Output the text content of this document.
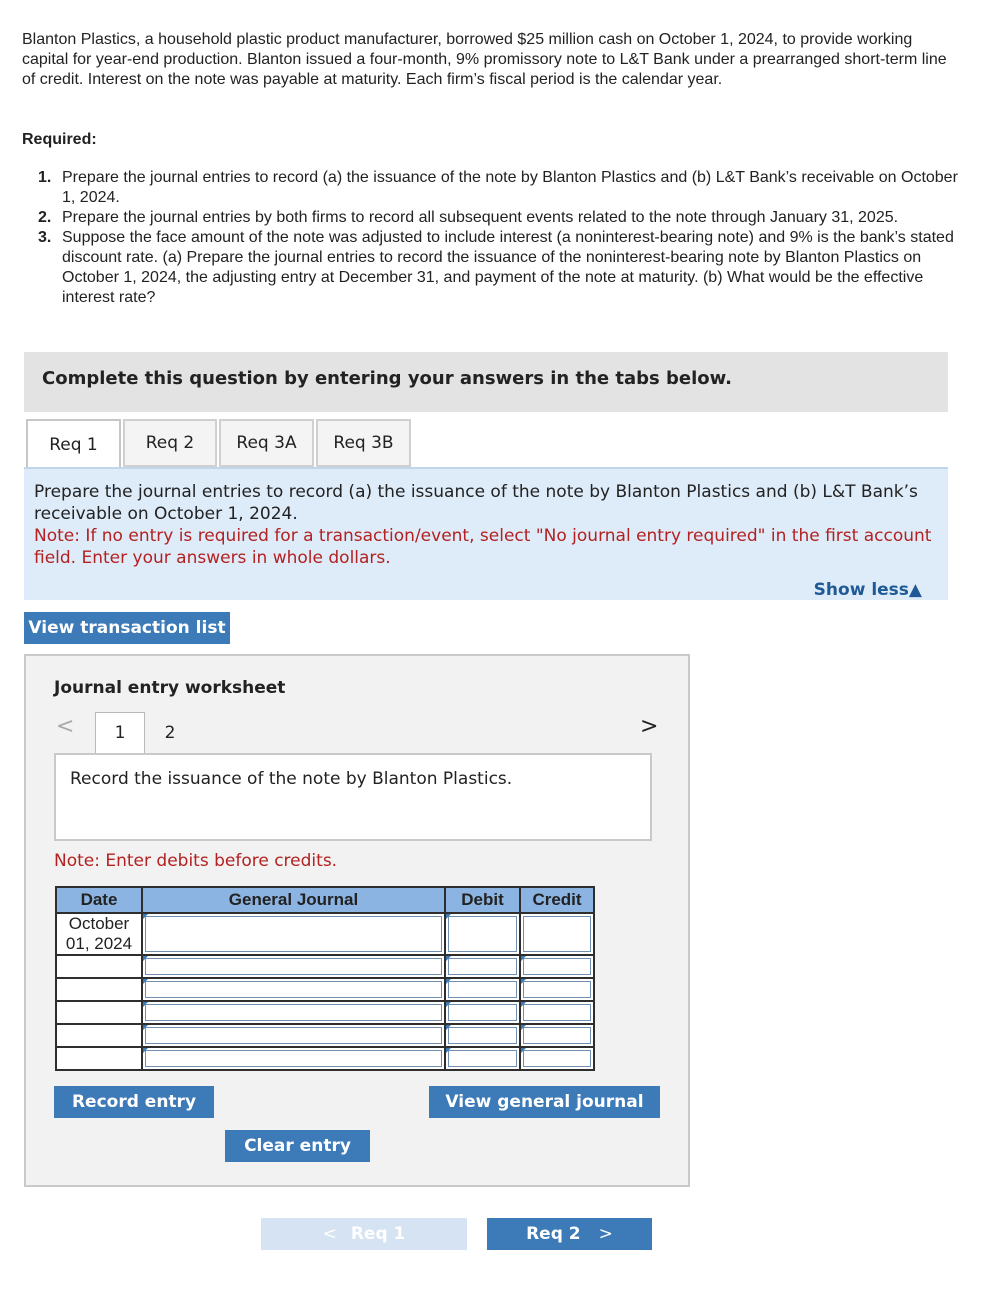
Blanton Plastics, a household plastic product manufacturer, borrowed $25 million cash on October 1, 2024, to provide working capital for year-end production. Blanton issued a four-month, 9% promissory note to L&T Bank under a prearranged short-term line of credit. Interest on the note was payable at maturity. Each firm’s fiscal period is the calendar year.
Required:
1. Prepare the journal entries to record (a) the issuance of the note by Blanton Plastics and (b) L&T Bank’s receivable on October 1, 2024.
2. Prepare the journal entries by both firms to record all subsequent events related to the note through January 31, 2025.
3. Suppose the face amount of the note was adjusted to include interest (a noninterest-bearing note) and 9% is the bank’s stated discount rate. (a) Prepare the journal entries to record the issuance of the noninterest-bearing note by Blanton Plastics on October 1, 2024, the adjusting entry at December 31, and payment of the note at maturity. (b) What would be the effective interest rate?
Complete this question by entering your answers in the tabs below.
Req 1	Req 2	Req 3A	Req 3B
Prepare the journal entries to record (a) the issuance of the note by Blanton Plastics and (b) L&T Bank’s receivable on October 1, 2024.
Note: If no entry is required for a transaction/event, select "No journal entry required" in the first account field. Enter your answers in whole dollars.
Show less▲
View transaction list
Journal entry worksheet
<	1	2	>
Record the issuance of the note by Blanton Plastics.
Note: Enter debits before credits.
Date	General Journal	Debit	Credit
October 01, 2024	

Record entry	View general journal
Clear entry
< Req 1	Req 2 >
